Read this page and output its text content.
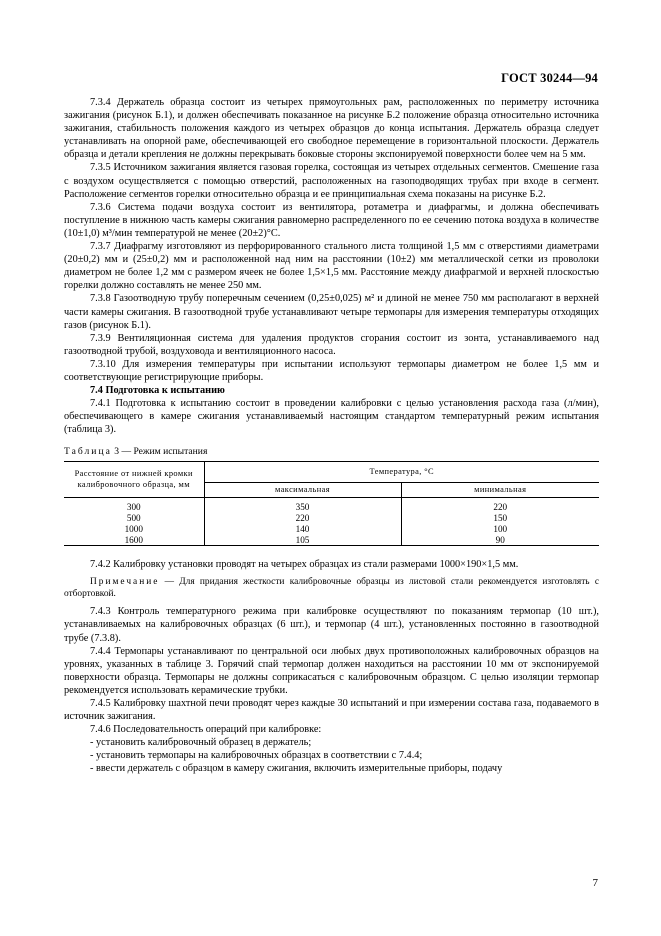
ГОСТ 30244—94

7.3.4 Держатель образца состоит из четырех прямоугольных рам, расположенных по периметру источника зажигания (рисунок Б.1), и должен обеспечивать показанное на рисунке Б.2 положение образца относительно источника зажигания, стабильность положения каждого из четырех образцов до конца испытания. Держатель образца следует устанавливать на опорной раме, обеспечивающей его свободное перемещение в горизонтальной плоскости. Держатель образца и детали крепления не должны перекрывать боковые стороны экспонируемой поверхности более чем на 5 мм.

7.3.5 Источником зажигания является газовая горелка, состоящая из четырех отдельных сегментов. Смешение газа с воздухом осуществляется с помощью отверстий, расположенных на газоподводящих трубах при входе в сегмент. Расположение сегментов горелки относительно образца и ее принципиальная схема показаны на рисунке Б.2.

7.3.6 Система подачи воздуха состоит из вентилятора, ротаметра и диафрагмы, и должна обеспечивать поступление в нижнюю часть камеры сжигания равномерно распределенного по ее сечению потока воздуха в количестве (10±1,0) м³/мин температурой не менее (20±2)°С.

7.3.7 Диафрагму изготовляют из перфорированного стального листа толщиной 1,5 мм с отверстиями диаметрами (20±0,2) мм и (25±0,2) мм и расположенной над ним на расстоянии (10±2) мм металлической сетки из проволоки диаметром не более 1,2 мм с размером ячеек не более 1,5×1,5 мм. Расстояние между диафрагмой и верхней плоскостью горелки должно составлять не менее 250 мм.

7.3.8 Газоотводную трубу поперечным сечением (0,25±0,025) м² и длиной не менее 750 мм располагают в верхней части камеры сжигания. В газоотводной трубе устанавливают четыре термопары для измерения температуры отходящих газов (рисунок Б.1).

7.3.9 Вентиляционная система для удаления продуктов сгорания состоит из зонта, устанавливаемого над газоотводной трубой, воздуховода и вентиляционного насоса.

7.3.10 Для измерения температуры при испытании используют термопары диаметром не более 1,5 мм и соответствующие регистрирующие приборы.

7.4 Подготовка к испытанию

7.4.1 Подготовка к испытанию состоит в проведении калибровки с целью установления расхода газа (л/мин), обеспечивающего в камере сжигания устанавливаемый настоящим стандартом температурный режим испытания (таблица 3).

Таблица 3 — Режим испытания
Расстояние от нижней кромки калибровочного образца, мм	Температура, °С	
	максимальная	минимальная
300	350	220
500	220	150
1000	140	100
1600	105	90

7.4.2 Калибровку установки проводят на четырех образцах из стали размерами 1000×190×1,5 мм.

Примечание — Для придания жесткости калибровочные образцы из листовой стали рекомендуется изготовлять с отбортовкой.

7.4.3 Контроль температурного режима при калибровке осуществляют по показаниям термопар (10 шт.), устанавливаемых на калибровочных образцах (6 шт.), и термопар (4 шт.), установленных постоянно в газоотводной трубе (7.3.8).

7.4.4 Термопары устанавливают по центральной оси любых двух противоположных калибровочных образцов на уровнях, указанных в таблице 3. Горячий спай термопар должен находиться на расстоянии 10 мм от экспонируемой поверхности образца. Термопары не должны соприкасаться с калибровочным образцом. С целью изоляции термопар рекомендуется использовать керамические трубки.

7.4.5 Калибровку шахтной печи проводят через каждые 30 испытаний и при измерении состава газа, подаваемого в источник зажигания.

7.4.6 Последовательность операций при калибровке:

- установить калибровочный образец в держатель;

- установить термопары на калибровочных образцах в соответствии с 7.4.4;

- ввести держатель с образцом в камеру сжигания, включить измерительные приборы, подачу

7
